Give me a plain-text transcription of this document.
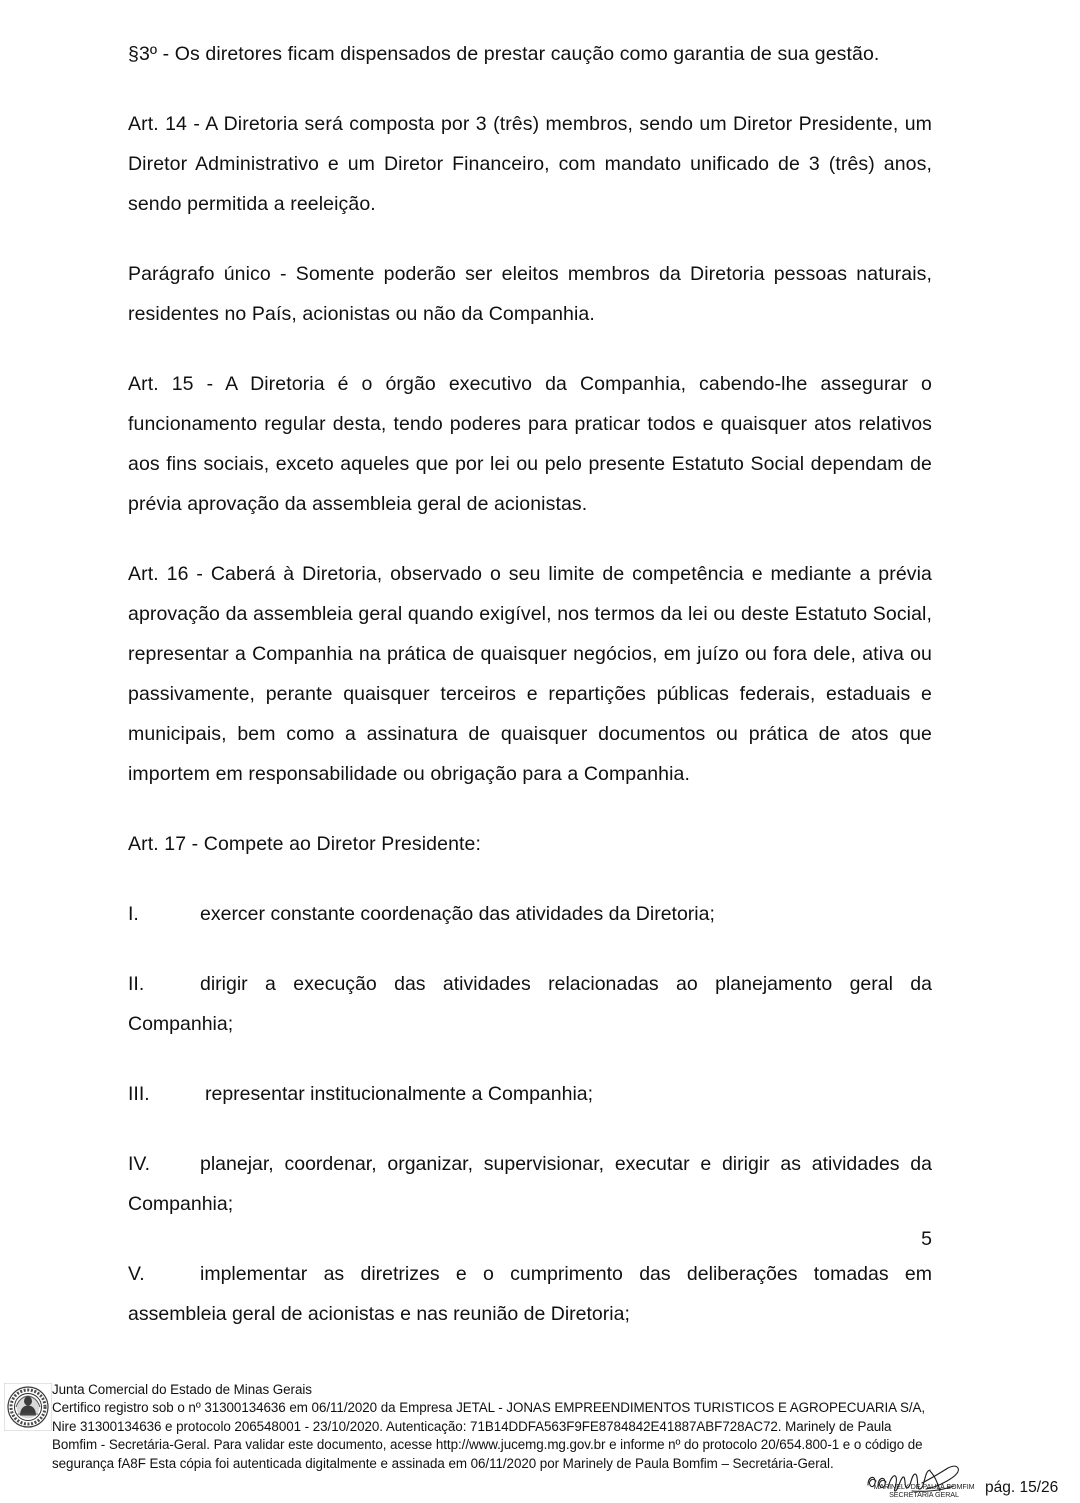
§3º - Os diretores ficam dispensados de prestar caução como garantia de sua gestão.

Art. 14 - A Diretoria será composta por 3 (três) membros, sendo um Diretor Presidente, um Diretor Administrativo e um Diretor Financeiro, com mandato unificado de 3 (três) anos, sendo permitida a reeleição.

Parágrafo único - Somente poderão ser eleitos membros da Diretoria pessoas naturais, residentes no País, acionistas ou não da Companhia.

Art. 15 - A Diretoria é o órgão executivo da Companhia, cabendo-lhe assegurar o funcionamento regular desta, tendo poderes para praticar todos e quaisquer atos relativos aos fins sociais, exceto aqueles que por lei ou pelo presente Estatuto Social dependam de prévia aprovação da assembleia geral de acionistas.

Art. 16 - Caberá à Diretoria, observado o seu limite de competência e mediante a prévia aprovação da assembleia geral quando exigível, nos termos da lei ou deste Estatuto Social, representar a Companhia na prática de quaisquer negócios, em juízo ou fora dele, ativa ou passivamente, perante quaisquer terceiros e repartições públicas federais, estaduais e municipais, bem como a assinatura de quaisquer documentos ou prática de atos que importem em responsabilidade ou obrigação para a Companhia.

Art. 17 - Compete ao Diretor Presidente:

I.	exercer constante coordenação das atividades da Diretoria;
II.	dirigir a execução das atividades relacionadas ao planejamento geral da Companhia;
III.	representar institucionalmente a Companhia;
IV.	planejar, coordenar, organizar, supervisionar, executar e dirigir as atividades da Companhia;
V.	implementar as diretrizes e o cumprimento das deliberações tomadas em assembleia geral de acionistas e nas reunião de Diretoria;
5
Junta Comercial do Estado de Minas Gerais
Certifico registro sob o nº 31300134636 em 06/11/2020 da Empresa JETAL - JONAS EMPREENDIMENTOS TURISTICOS E AGROPECUARIA S/A,
Nire 31300134636 e protocolo 206548001 - 23/10/2020. Autenticação: 71B14DDFA563F9FE8784842E41887ABF728AC72. Marinely de Paula
Bomfim - Secretária-Geral. Para validar este documento, acesse http://www.jucemg.mg.gov.br e informe nº do protocolo 20/654.800-1 e o código de
segurança fA8F Esta cópia foi autenticada digitalmente e assinada em 06/11/2020 por Marinely de Paula Bomfim – Secretária-Geral.
MARINELY DE PAULA BOMFIM
SECRETARIA GERAL	pág. 15/26
